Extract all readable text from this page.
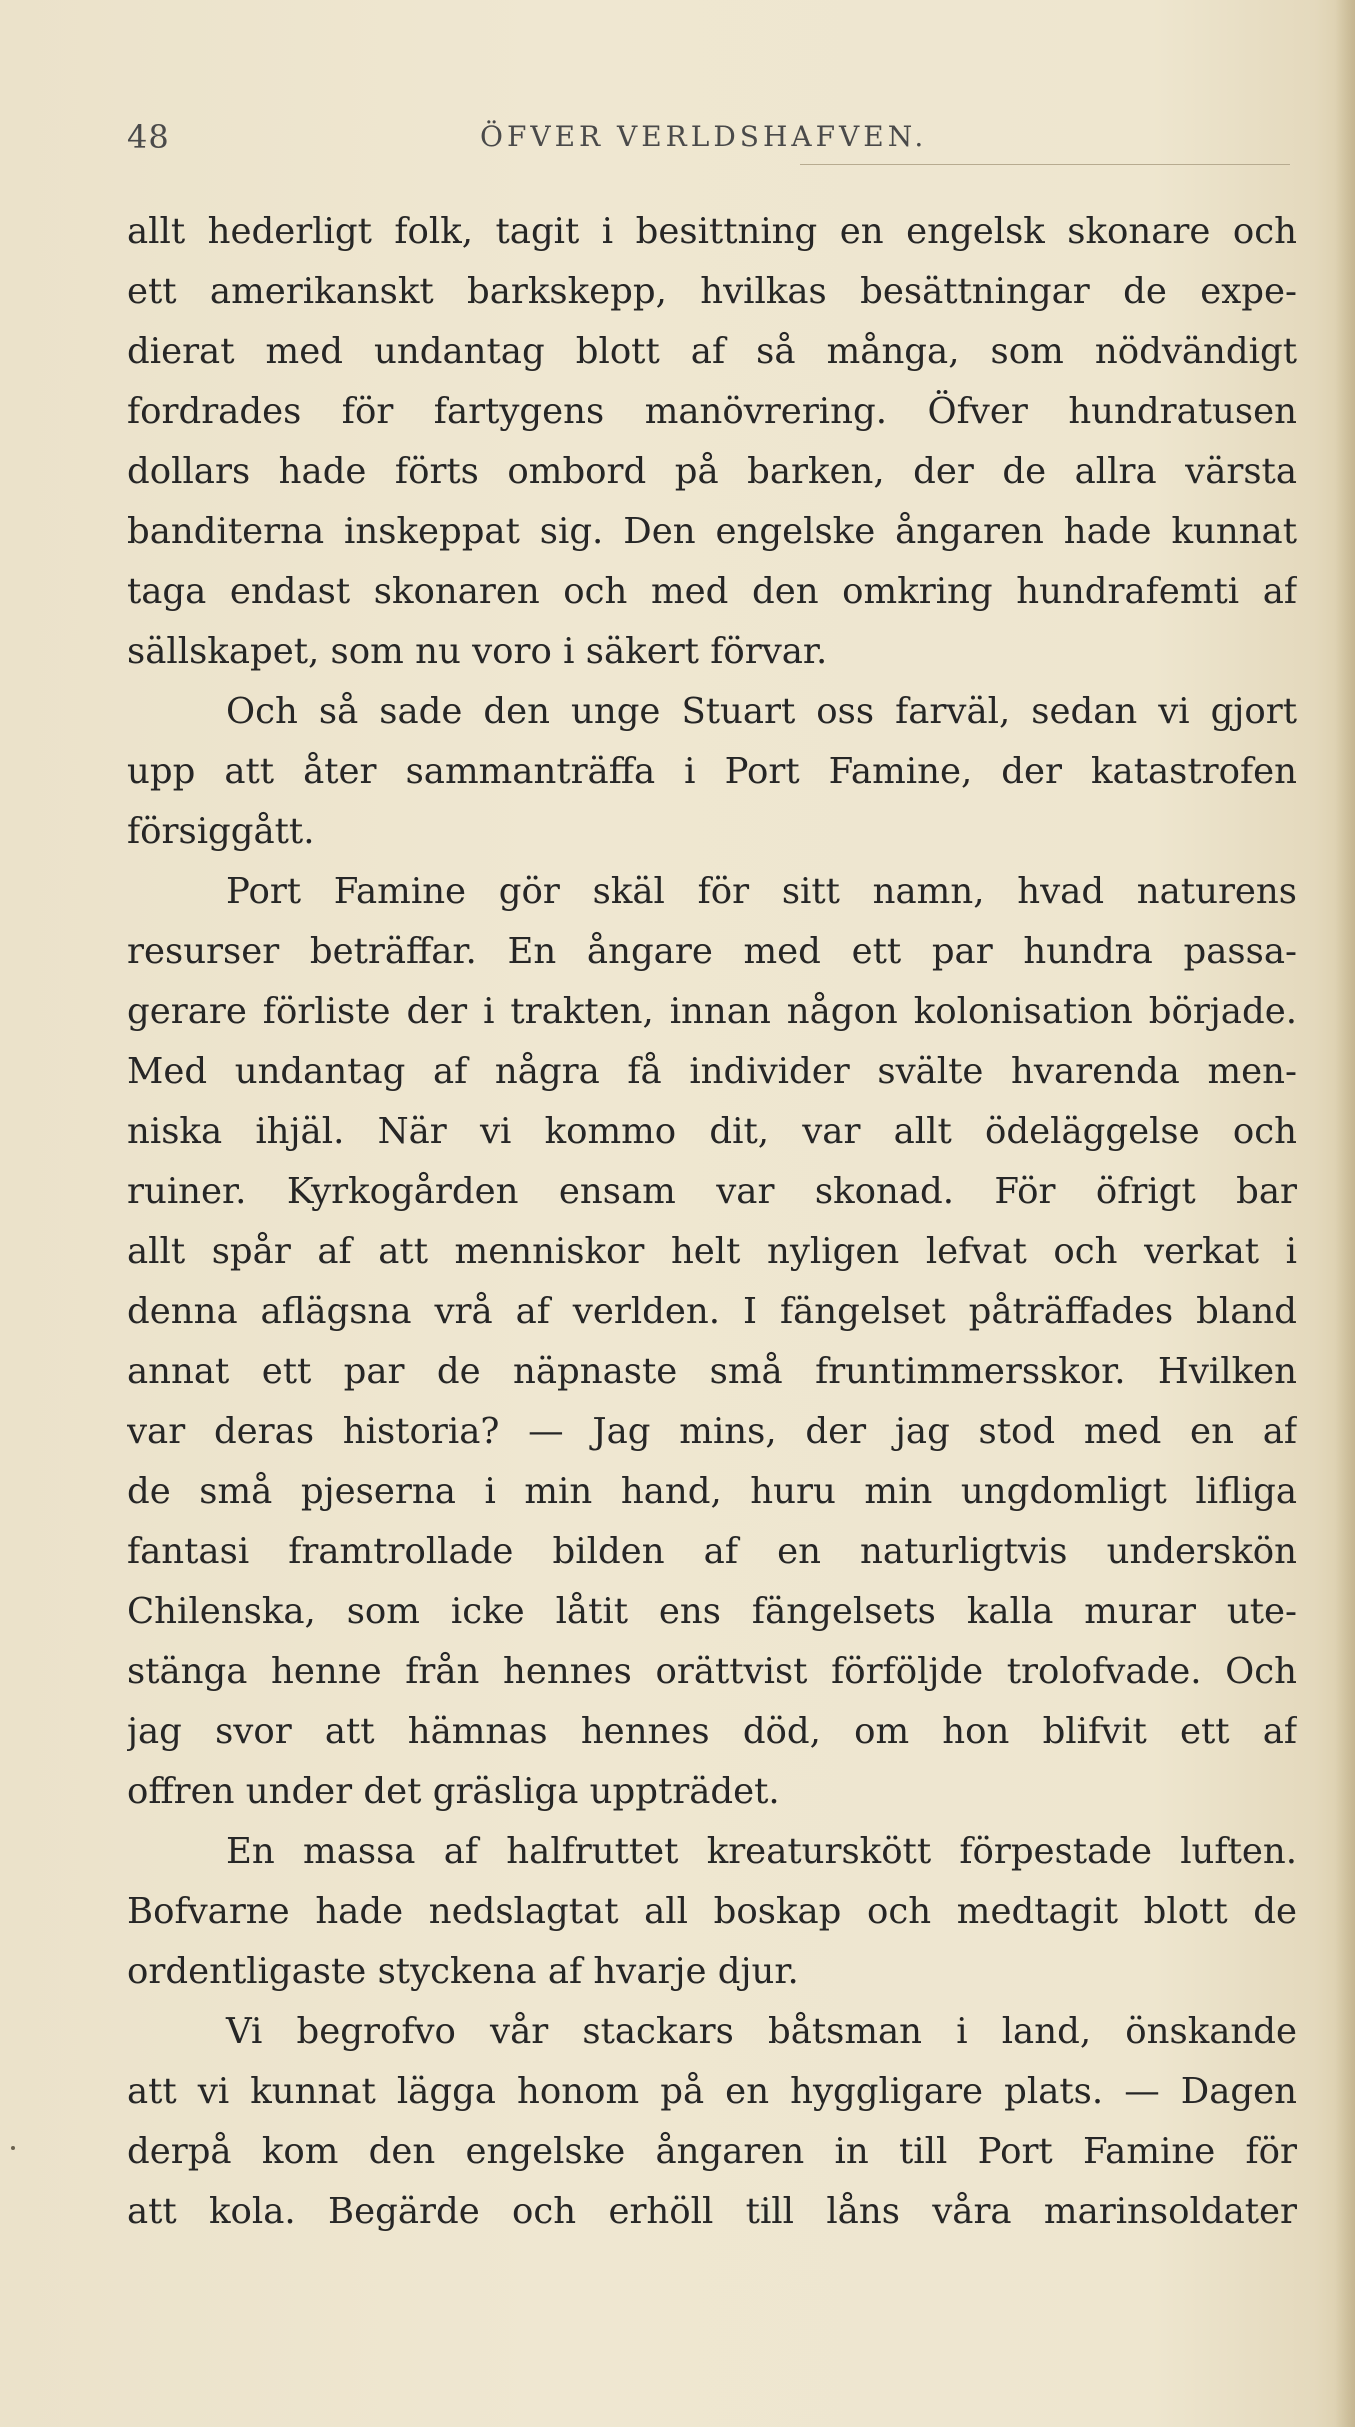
48	ÖFVER VERLDSHAFVEN.
allt hederligt folk, tagit i besittning en engelsk skonare och
ett amerikanskt barkskepp, hvilkas besättningar de expe-
dierat med undantag blott af så många, som nödvändigt
fordrades för fartygens manövrering. Öfver hundratusen
dollars hade förts ombord på barken, der de allra värsta
banditerna inskeppat sig. Den engelske ångaren hade kunnat
taga endast skonaren och med den omkring hundrafemti af
sällskapet, som nu voro i säkert förvar.
Och så sade den unge Stuart oss farväl, sedan vi gjort
upp att åter sammanträffa i Port Famine, der katastrofen
försiggått.
Port Famine gör skäl för sitt namn, hvad naturens
resurser beträffar. En ångare med ett par hundra passa-
gerare förliste der i trakten, innan någon kolonisation började.
Med undantag af några få individer svälte hvarenda men-
niska ihjäl. När vi kommo dit, var allt ödeläggelse och
ruiner. Kyrkogården ensam var skonad. För öfrigt bar
allt spår af att menniskor helt nyligen lefvat och verkat i
denna aflägsna vrå af verlden. I fängelset påträffades bland
annat ett par de näpnaste små fruntimmersskor. Hvilken
var deras historia? — Jag mins, der jag stod med en af
de små pjeserna i min hand, huru min ungdomligt lifliga
fantasi framtrollade bilden af en naturligtvis underskön
Chilenska, som icke låtit ens fängelsets kalla murar ute-
stänga henne från hennes orättvist förföljde trolofvade. Och
jag svor att hämnas hennes död, om hon blifvit ett af
offren under det gräsliga uppträdet.
En massa af halfruttet kreaturskött förpestade luften.
Bofvarne hade nedslagtat all boskap och medtagit blott de
ordentligaste styckena af hvarje djur.
Vi begrofvo vår stackars båtsman i land, önskande
att vi kunnat lägga honom på en hyggligare plats. — Dagen
derpå kom den engelske ångaren in till Port Famine för
att kola. Begärde och erhöll till låns våra marinsoldater
